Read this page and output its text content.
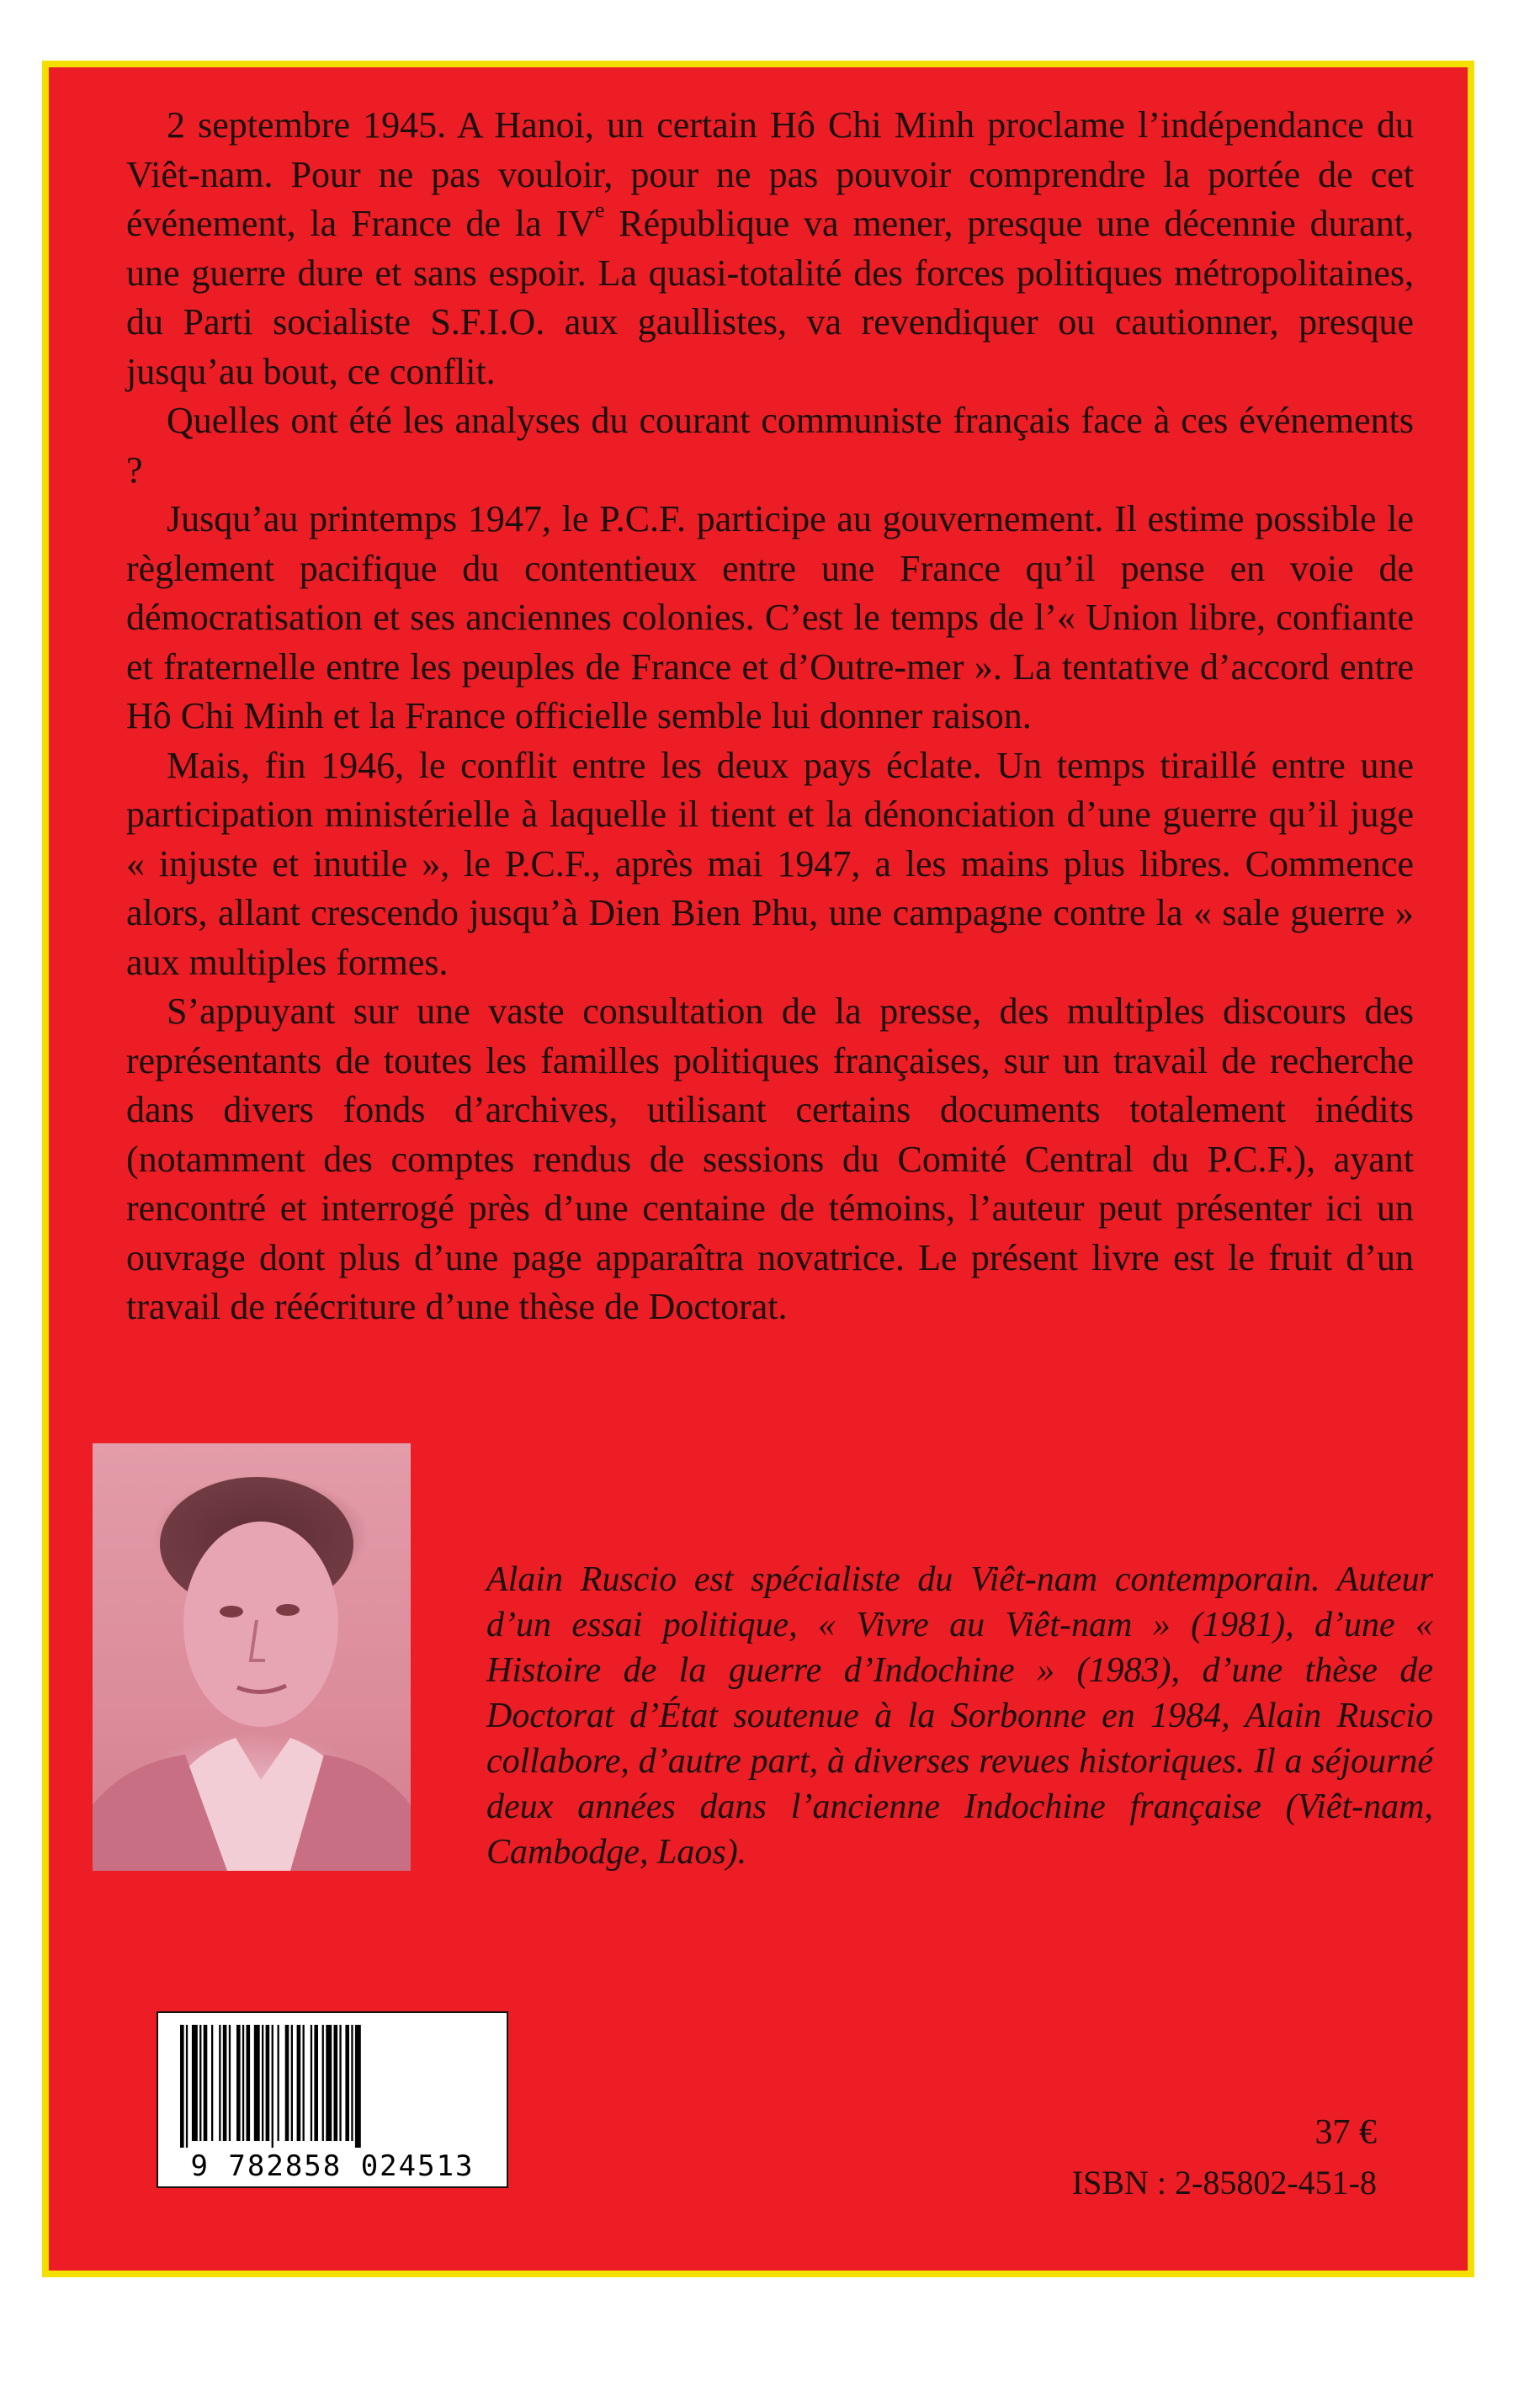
2 septembre 1945. A Hanoi, un certain Hô Chi Minh proclame l’indépendance du Viêt-nam. Pour ne pas vouloir, pour ne pas pouvoir comprendre la portée de cet événement, la France de la IVe République va mener, presque une décennie durant, une guerre dure et sans espoir. La quasi-totalité des forces politiques métropolitaines, du Parti socialiste S.F.I.O. aux gaullistes, va revendiquer ou cautionner, presque jusqu’au bout, ce conflit.

Quelles ont été les analyses du courant communiste français face à ces événements ?

Jusqu’au printemps 1947, le P.C.F. participe au gouvernement. Il estime possible le règlement pacifique du contentieux entre une France qu’il pense en voie de démocratisation et ses anciennes colonies. C’est le temps de l’« Union libre, confiante et fraternelle entre les peuples de France et d’Outre-mer ». La tentative d’accord entre Hô Chi Minh et la France officielle semble lui donner raison.

Mais, fin 1946, le conflit entre les deux pays éclate. Un temps tiraillé entre une participation ministérielle à laquelle il tient et la dénonciation d’une guerre qu’il juge « injuste et inutile », le P.C.F., après mai 1947, a les mains plus libres. Commence alors, allant crescendo jusqu’à Dien Bien Phu, une campagne contre la « sale guerre » aux multiples formes.

S’appuyant sur une vaste consultation de la presse, des multiples discours des représentants de toutes les familles politiques françaises, sur un travail de recherche dans divers fonds d’archives, utilisant certains documents totalement inédits (notamment des comptes rendus de sessions du Comité Central du P.C.F.), ayant rencontré et interrogé près d’une centaine de témoins, l’auteur peut présenter ici un ouvrage dont plus d’une page apparaîtra novatrice. Le présent livre est le fruit d’un travail de réécriture d’une thèse de Doctorat.

Alain Ruscio est spécialiste du Viêt-nam contemporain. Auteur d’un essai politique, « Vivre au Viêt-nam » (1981), d’une « Histoire de la guerre d’Indochine » (1983), d’une thèse de Doctorat d’État soutenue à la Sorbonne en 1984, Alain Ruscio collabore, d’autre part, à diverses revues historiques. Il a séjourné deux années dans l’ancienne Indochine française (Viêt-nam, Cambodge, Laos).

9 782858 024513
37 €
ISBN : 2-85802-451-8
